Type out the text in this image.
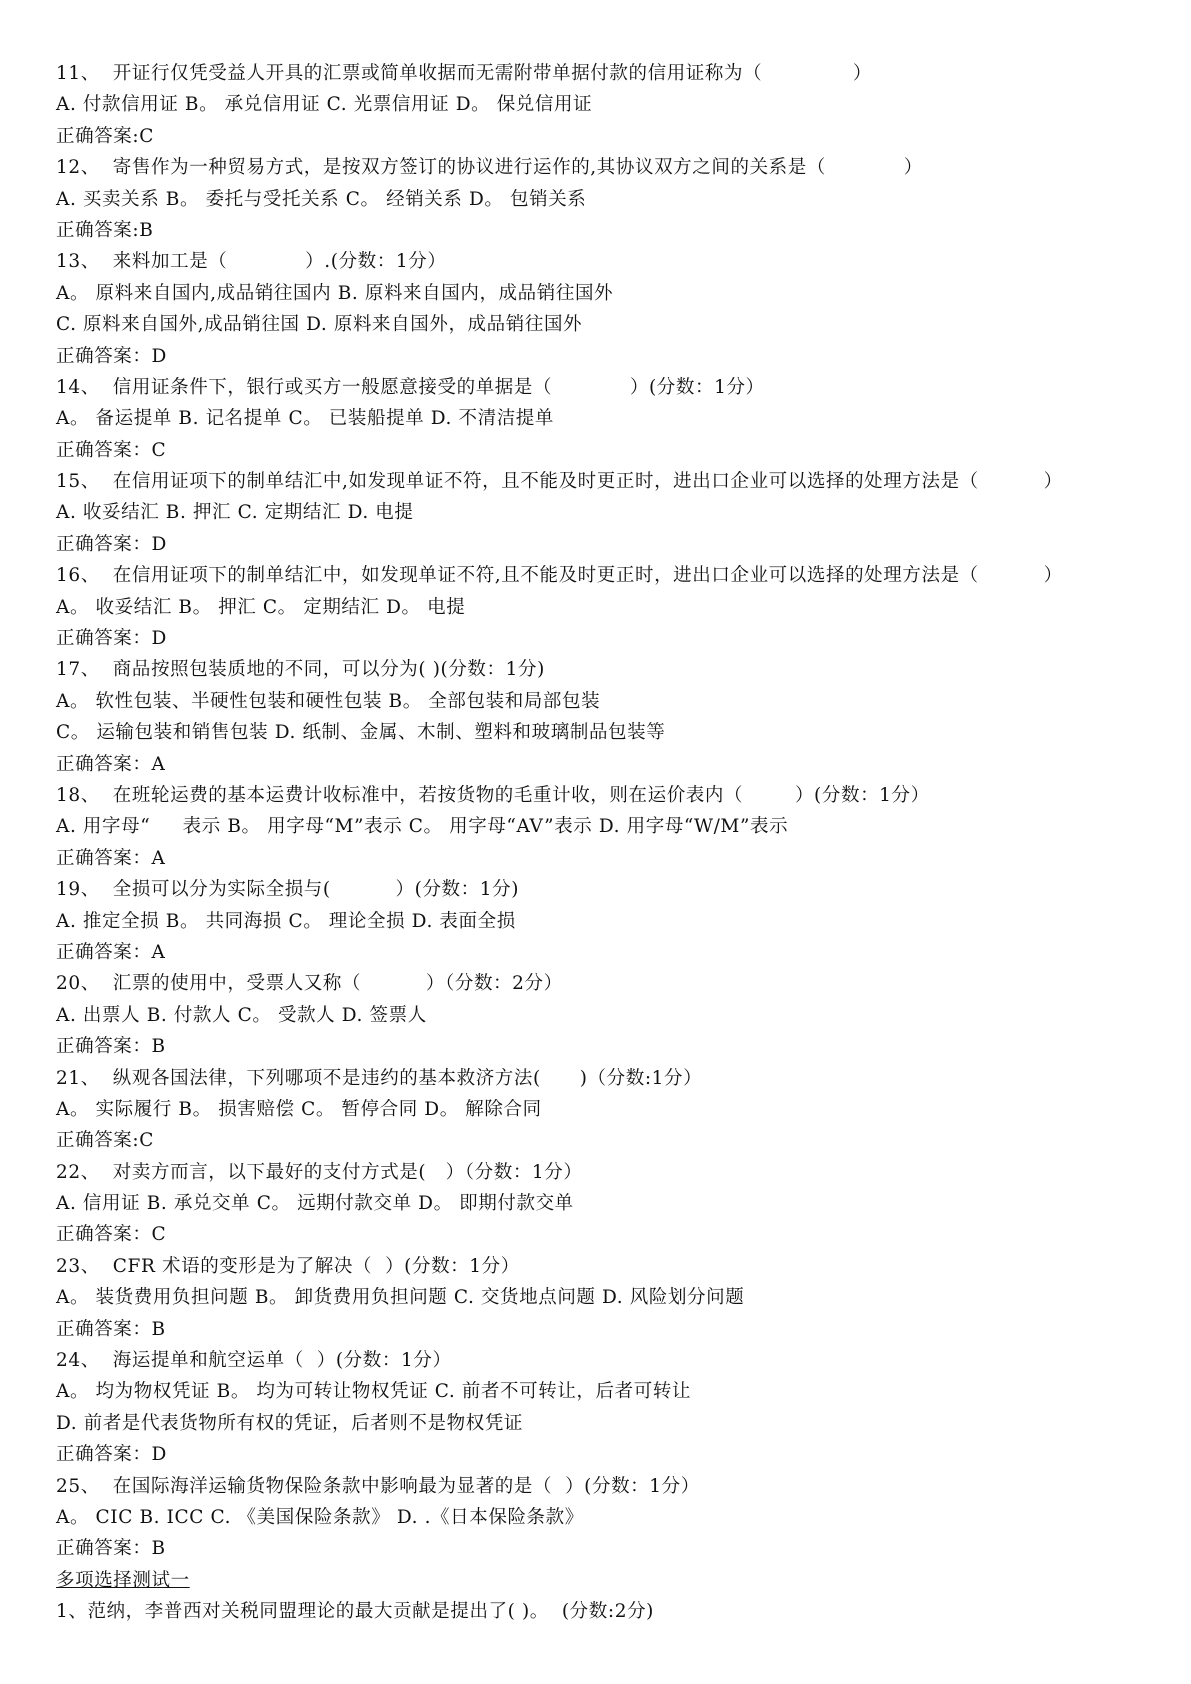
11、  开证行仅凭受益人开具的汇票或简单收据而无需附带单据付款的信用证称为（              ）
A. 付款信用证 B。 承兑信用证 C. 光票信用证 D。 保兑信用证
正确答案:C
12、  寄售作为一种贸易方式，是按双方签订的协议进行运作的,其协议双方之间的关系是（            ）
A. 买卖关系 B。 委托与受托关系 C。 经销关系 D。 包销关系
正确答案:B
13、  来料加工是（            ）.(分数：1分）
A。 原料来自国内,成品销往国内 B. 原料来自国内，成品销往国外
C. 原料来自国外,成品销往国 D. 原料来自国外，成品销往国外
正确答案：D
14、  信用证条件下，银行或买方一般愿意接受的单据是（            ）(分数：1分）
A。 备运提单 B. 记名提单 C。 已装船提单 D. 不清洁提单
正确答案：C
15、  在信用证项下的制单结汇中,如发现单证不符，且不能及时更正时，进出口企业可以选择的处理方法是（          ）
A. 收妥结汇 B. 押汇 C. 定期结汇 D. 电提
正确答案：D
16、  在信用证项下的制单结汇中，如发现单证不符,且不能及时更正时，进出口企业可以选择的处理方法是（          ）
A。 收妥结汇 B。 押汇 C。 定期结汇 D。 电提
正确答案：D
17、  商品按照包装质地的不同，可以分为( )(分数：1分)
A。 软性包装、半硬性包装和硬性包装 B。 全部包装和局部包装
C。 运输包装和销售包装 D. 纸制、金属、木制、塑料和玻璃制品包装等
正确答案：A
18、  在班轮运费的基本运费计收标准中，若按货物的毛重计收，则在运价表内（        ）(分数：1分）
A. 用字母“     表示 B。 用字母“M”表示 C。 用字母“AV”表示 D. 用字母“W/M”表示
正确答案：A
19、  全损可以分为实际全损与(          ）(分数：1分)
A. 推定全损 B。 共同海损 C。 理论全损 D. 表面全损
正确答案：A
20、  汇票的使用中，受票人又称（          ）（分数：2分）
A. 出票人 B. 付款人 C。 受款人 D. 签票人
正确答案：B
21、  纵观各国法律，下列哪项不是违约的基本救济方法(      )（分数:1分）
A。 实际履行 B。 损害赔偿 C。 暂停合同 D。 解除合同
正确答案:C
22、  对卖方而言，以下最好的支付方式是(   ）（分数：1分）
A. 信用证 B. 承兑交单 C。 远期付款交单 D。 即期付款交单
正确答案：C
23、  CFR 术语的变形是为了解决（  ）(分数：1分）
A。 装货费用负担问题 B。 卸货费用负担问题 C. 交货地点问题 D. 风险划分问题
正确答案：B
24、  海运提单和航空运单（  ）(分数：1分）
A。 均为物权凭证 B。 均为可转让物权凭证 C. 前者不可转让，后者可转让
D. 前者是代表货物所有权的凭证，后者则不是物权凭证
正确答案：D
25、  在国际海洋运输货物保险条款中影响最为显著的是（  ）(分数：1分）
A。 CIC B. ICC C. 《美国保险条款》 D. .《日本保险条款》
正确答案：B
多项选择测试一
1、范纳，李普西对关税同盟理论的最大贡献是提出了( )。  (分数:2分)
